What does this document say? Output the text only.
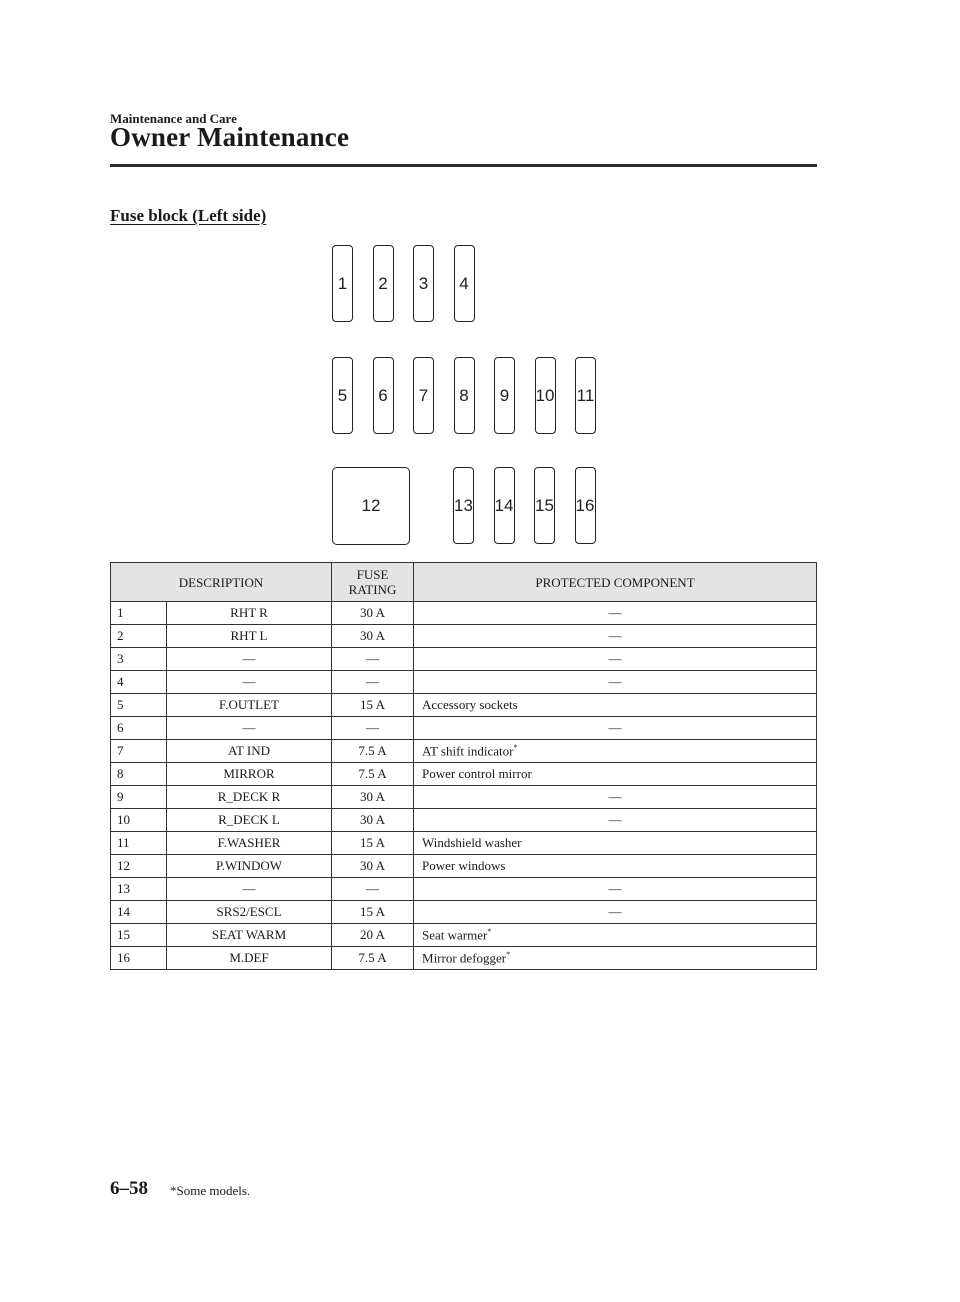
Maintenance and Care
Owner Maintenance
Fuse block (Left side)
1	2	3	4
5	6	7	8	9	10 11
12	13 14 15 16
DESCRIPTION		FUSE
RATING	PROTECTED COMPONENT
1	RHT R	30 A	—
2	RHT L	30 A	—
3	—	—	—
4	—	—	—
5	F.OUTLET	15 A	Accessory sockets
6	—	—	—
7	AT IND	7.5 A	AT shift indicator*
8	MIRROR	7.5 A	Power control mirror
9	R_DECK R	30 A	—
10	R_DECK L	30 A	—
11	F.WASHER	15 A	Windshield washer
12	P.WINDOW	30 A	Power windows
13	—	—	—
14	SRS2/ESCL	15 A	—
15	SEAT WARM	20 A	Seat warmer*
16	M.DEF	7.5 A	Mirror defogger*
6–58 *Some models.
